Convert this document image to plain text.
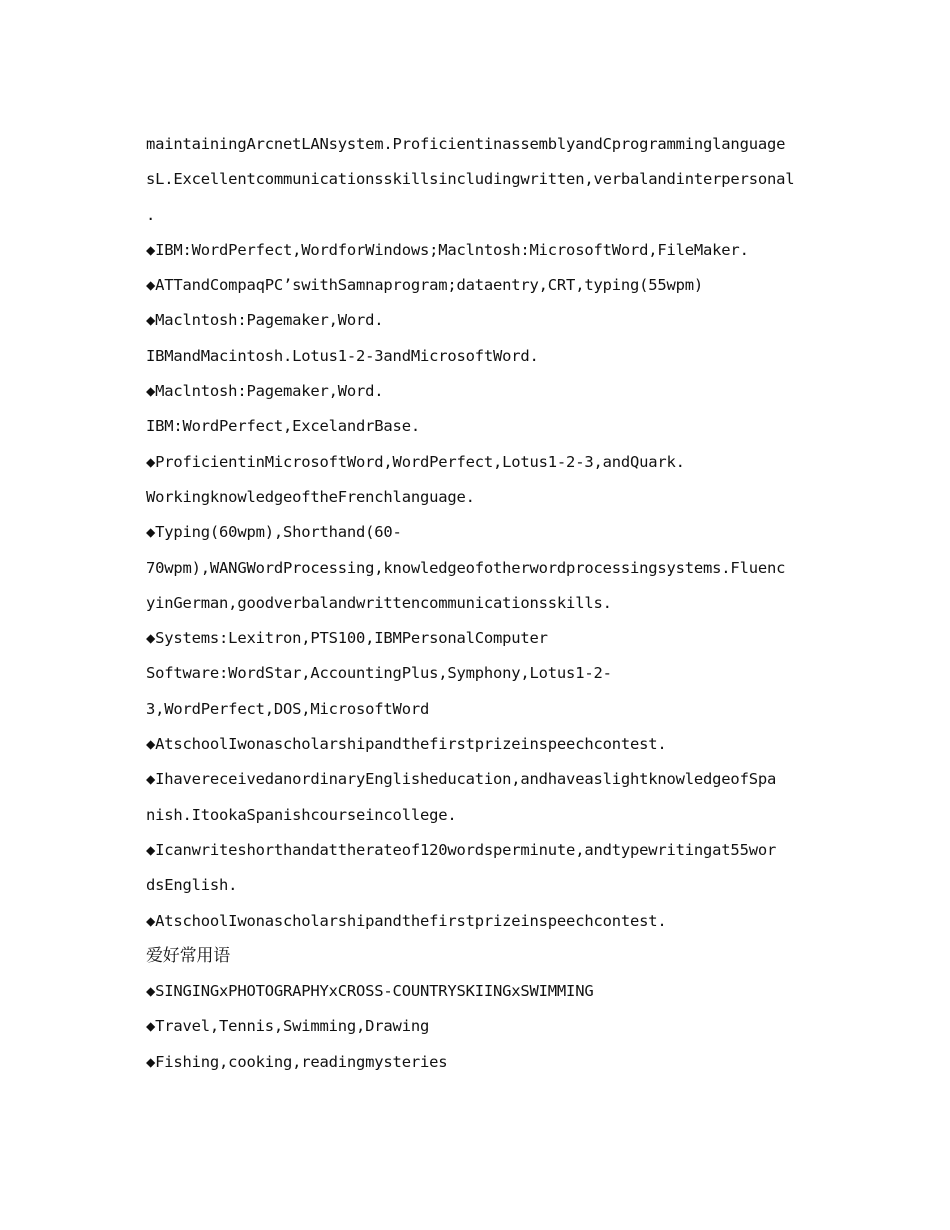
maintainingArcnetLANsystem.ProficientinassemblyandCprogramminglanguage
sL.Excellentcommunicationsskillsincludingwritten,verbalandinterpersonal
.
◆IBM:WordPerfect,WordforWindows;Maclntosh:MicrosoftWord,FileMaker.
◆ATTandCompaqPC’swithSamnaprogram;dataentry,CRT,typing(55wpm)
◆Maclntosh:Pagemaker,Word.
IBMandMacintosh.Lotus1-2-3andMicrosoftWord.
◆Maclntosh:Pagemaker,Word.
IBM:WordPerfect,ExcelandrBase.
◆ProficientinMicrosoftWord,WordPerfect,Lotus1-2-3,andQuark.
WorkingknowledgeoftheFrenchlanguage.
◆Typing(60wpm),Shorthand(60-
70wpm),WANGWordProcessing,knowledgeofotherwordprocessingsystems.Fluenc
yinGerman,goodverbalandwrittencommunicationsskills.
◆Systems:Lexitron,PTS100,IBMPersonalComputer
Software:WordStar,AccountingPlus,Symphony,Lotus1-2-
3,WordPerfect,DOS,MicrosoftWord
◆AtschoolIwonascholarshipandthefirstprizeinspeechcontest.
◆IhavereceivedanordinaryEnglisheducation,andhaveaslightknowledgeofSpa
nish.ItookaSpanishcourseincollege.
◆Icanwriteshorthandattherateof120wordsperminute,andtypewritingat55wor
dsEnglish.
◆AtschoolIwonascholarshipandthefirstprizeinspeechcontest.
爱好常用语
◆SINGINGxPHOTOGRAPHYxCROSS-COUNTRYSKIINGxSWIMMING
◆Travel,Tennis,Swimming,Drawing
◆Fishing,cooking,readingmysteries
